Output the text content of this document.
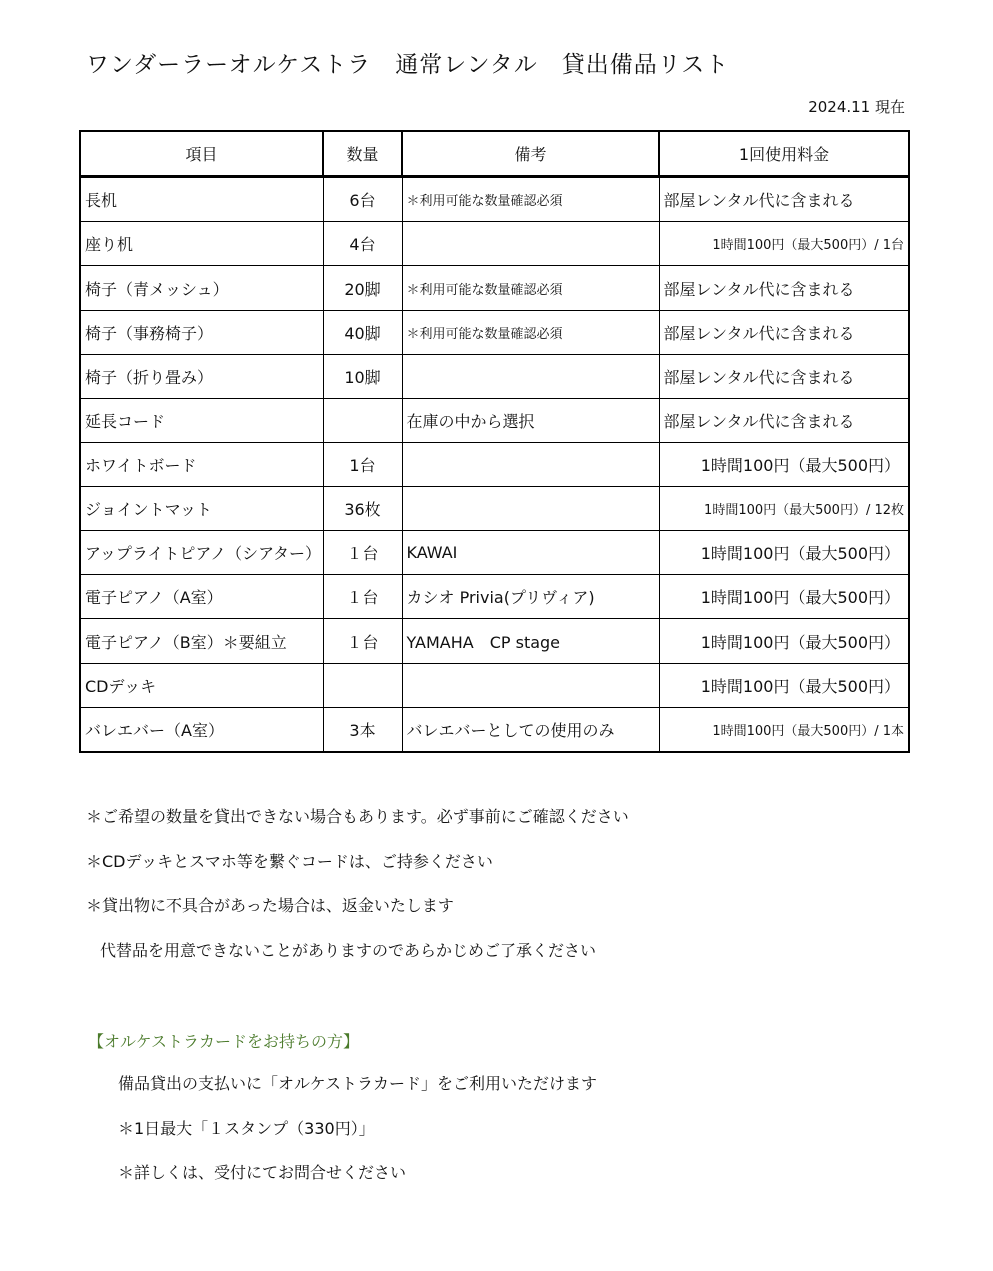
ワンダーラーオルケストラ　通常レンタル　貸出備品リスト
2024.11 現在
項目	数量	備考	1回使用料金
長机	6台	＊利用可能な数量確認必須	部屋レンタル代に含まれる
座り机	4台		1時間100円（最大500円）/ 1台
椅子（青メッシュ）	20脚	＊利用可能な数量確認必須	部屋レンタル代に含まれる
椅子（事務椅子）	40脚	＊利用可能な数量確認必須	部屋レンタル代に含まれる
椅子（折り畳み）	10脚		部屋レンタル代に含まれる
延長コード		在庫の中から選択	部屋レンタル代に含まれる
ホワイトボード	1台		1時間100円（最大500円）
ジョイントマット	36枚		1時間100円（最大500円）/ 12枚
アップライトピアノ（シアター）	１台	KAWAI	1時間100円（最大500円）
電子ピアノ（A室）	１台	カシオ Privia(プリヴィア)	1時間100円（最大500円）
電子ピアノ（B室）＊要組立	１台	YAMAHA　CP stage	1時間100円（最大500円）
CDデッキ			1時間100円（最大500円）
バレエバー（A室）	3本	バレエバーとしての使用のみ	1時間100円（最大500円）/ 1本
＊ご希望の数量を貸出できない場合もあります。必ず事前にご確認ください
＊CDデッキとスマホ等を繋ぐコードは、ご持参ください
＊貸出物に不具合があった場合は、返金いたします
代替品を用意できないことがありますのであらかじめご了承ください
【オルケストラカードをお持ちの方】
備品貸出の支払いに「オルケストラカード」をご利用いただけます
＊1日最大「１スタンプ（330円）」
＊詳しくは、受付にてお問合せください
